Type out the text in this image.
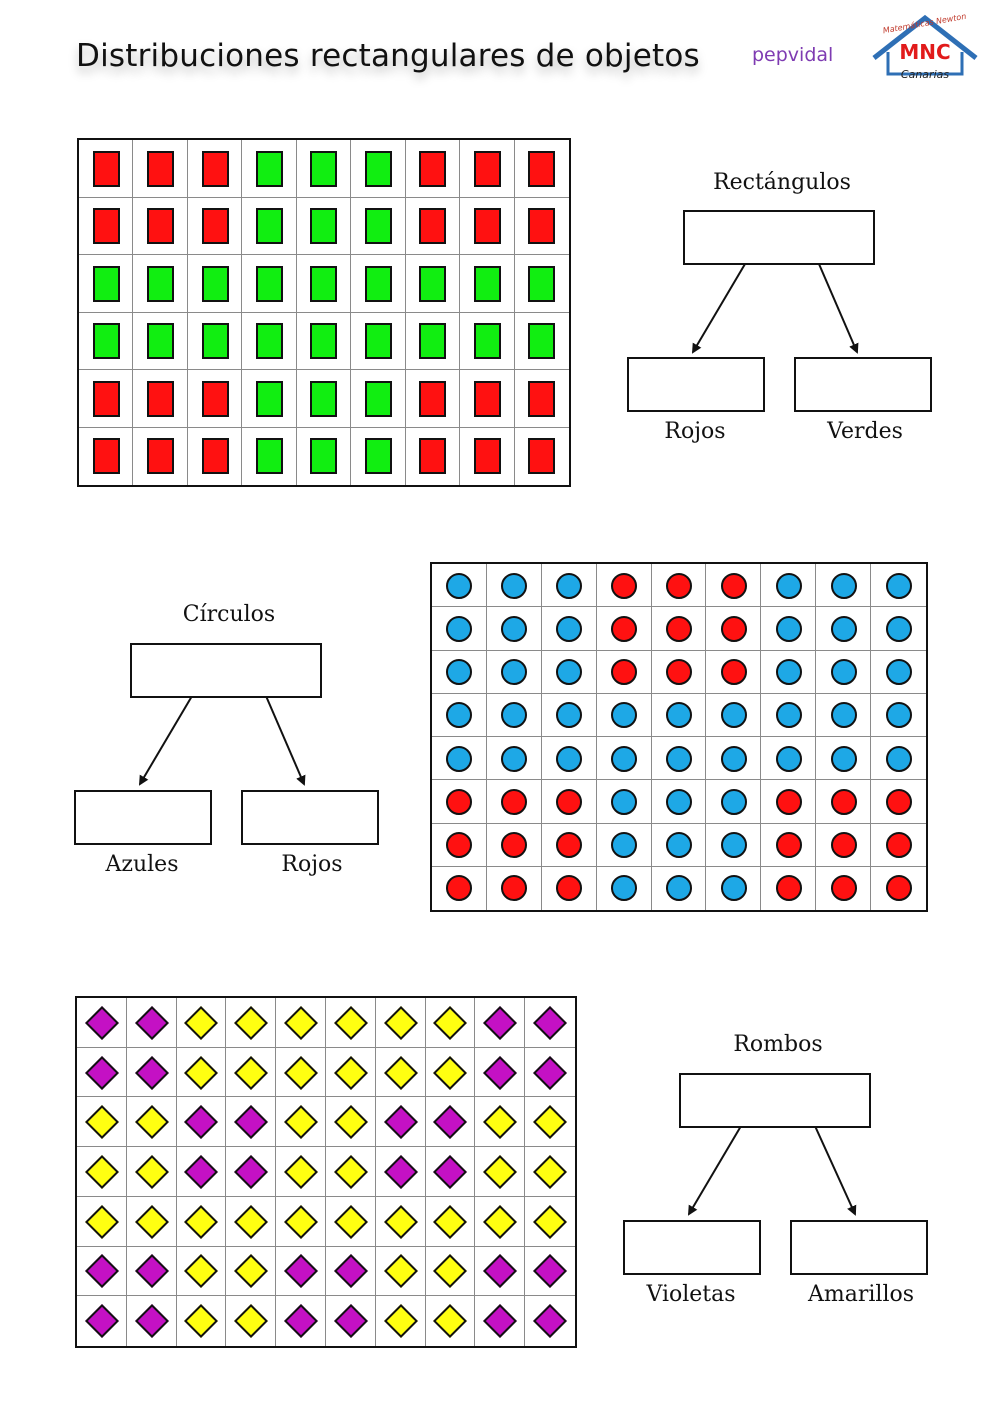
Distribuciones rectangulares de objetos	pepvidal
Matemáticas Newton
MNC
Canarias
Rectángulos
Rojos	Verdes
Círculos
Azules	Rojos
Rombos
Violetas	Amarillos
